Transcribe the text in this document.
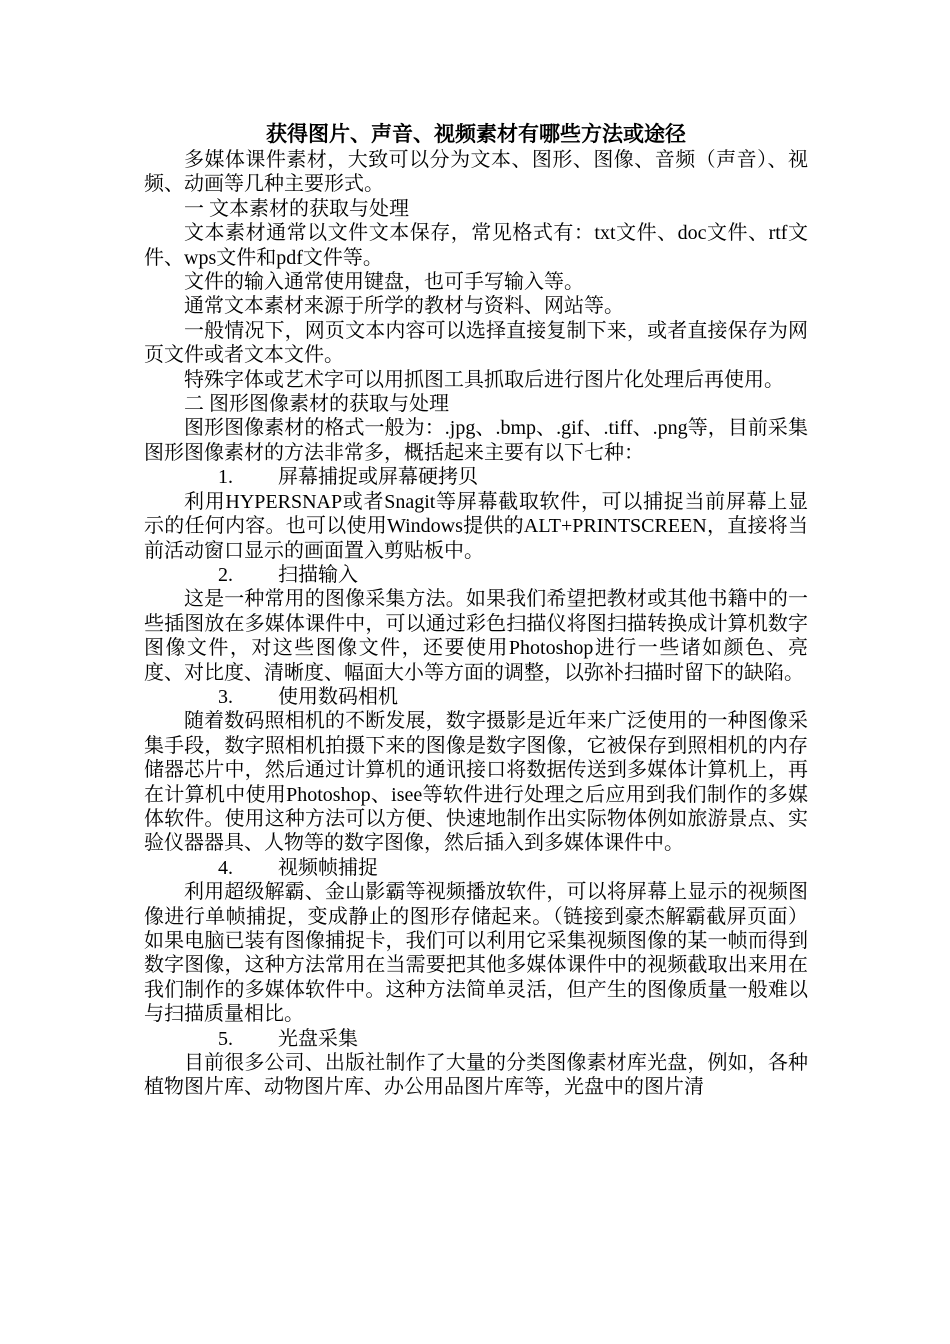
获得图片、声音、视频素材有哪些方法或途径

多媒体课件素材，大致可以分为文本、图形、图像、音频（声音）、视频、动画等几种主要形式。

一 文本素材的获取与处理

文本素材通常以文件文本保存，常见格式有：txt文件、doc文件、rtf文件、wps文件和pdf文件等。

文件的输入通常使用键盘，也可手写输入等。

通常文本素材来源于所学的教材与资料、网站等。

一般情况下，网页文本内容可以选择直接复制下来，或者直接保存为网页文件或者文本文件。

特殊字体或艺术字可以用抓图工具抓取后进行图片化处理后再使用。

二 图形图像素材的获取与处理

图形图像素材的格式一般为：.jpg、.bmp、.gif、.tiff、.png等，目前采集图形图像素材的方法非常多，概括起来主要有以下七种：

1. 屏幕捕捉或屏幕硬拷贝

利用HYPERSNAP或者Snagit等屏幕截取软件，可以捕捉当前屏幕上显示的任何内容。也可以使用Windows提供的ALT+PRINTSCREEN，直接将当前活动窗口显示的画面置入剪贴板中。

2. 扫描输入

这是一种常用的图像采集方法。如果我们希望把教材或其他书籍中的一些插图放在多媒体课件中，可以通过彩色扫描仪将图扫描转换成计算机数字图像文件，对这些图像文件，还要使用Photoshop进行一些诸如颜色、亮度、对比度、清晰度、幅面大小等方面的调整，以弥补扫描时留下的缺陷。

3. 使用数码相机

随着数码照相机的不断发展，数字摄影是近年来广泛使用的一种图像采集手段，数字照相机拍摄下来的图像是数字图像，它被保存到照相机的内存储器芯片中，然后通过计算机的通讯接口将数据传送到多媒体计算机上，再在计算机中使用Photoshop、isee等软件进行处理之后应用到我们制作的多媒体软件。使用这种方法可以方便、快速地制作出实际物体例如旅游景点、实验仪器器具、人物等的数字图像，然后插入到多媒体课件中。

4. 视频帧捕捉

利用超级解霸、金山影霸等视频播放软件，可以将屏幕上显示的视频图像进行单帧捕捉，变成静止的图形存储起来。（链接到豪杰解霸截屏页面）如果电脑已装有图像捕捉卡，我们可以利用它采集视频图像的某一帧而得到数字图像，这种方法常用在当需要把其他多媒体课件中的视频截取出来用在我们制作的多媒体软件中。这种方法简单灵活，但产生的图像质量一般难以与扫描质量相比。

5. 光盘采集

目前很多公司、出版社制作了大量的分类图像素材库光盘，例如，各种植物图片库、动物图片库、办公用品图片库等，光盘中的图片清
